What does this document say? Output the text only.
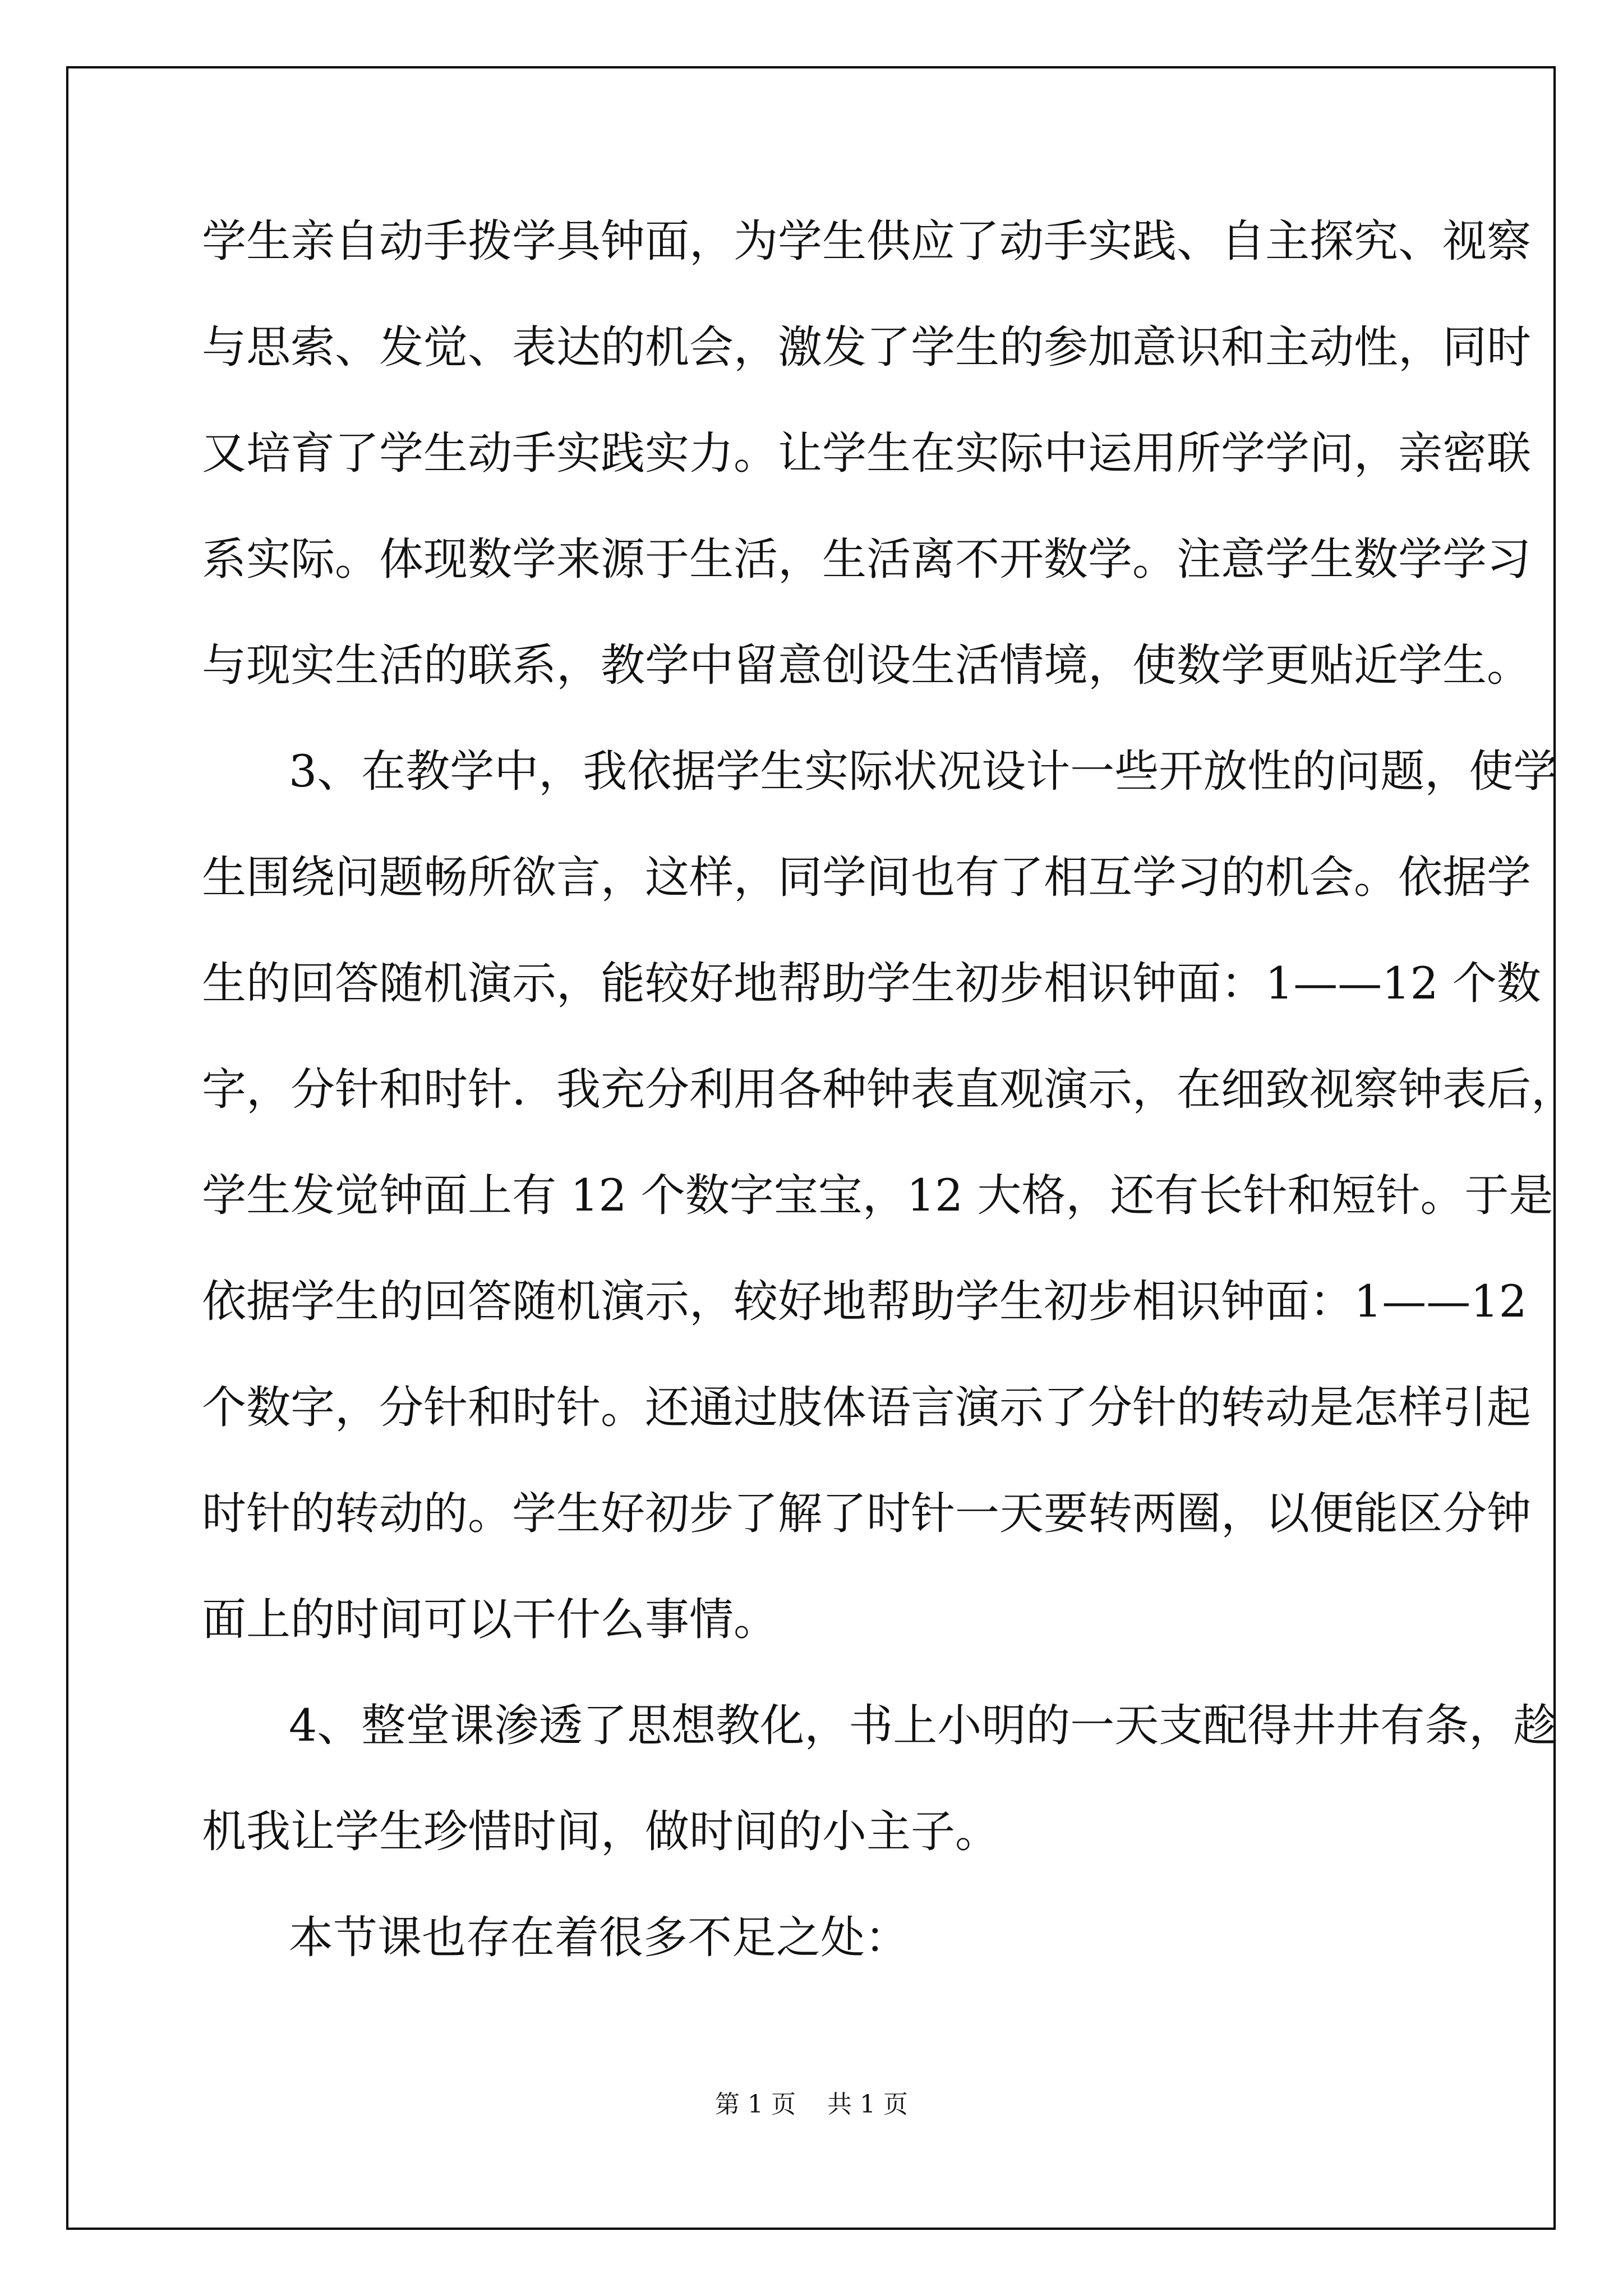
学生亲自动手拨学具钟面，为学生供应了动手实践、自主探究、视察
与思索、发觉、表达的机会，激发了学生的参加意识和主动性，同时
又培育了学生动手实践实力。让学生在实际中运用所学学问，亲密联
系实际。体现数学来源于生活，生活离不开数学。注意学生数学学习
与现实生活的联系，教学中留意创设生活情境，使数学更贴近学生。
3、在教学中，我依据学生实际状况设计一些开放性的问题，使学
生围绕问题畅所欲言，这样，同学间也有了相互学习的机会。依据学
生的回答随机演示，能较好地帮助学生初步相识钟面：1——12 个数
字，分针和时针．我充分利用各种钟表直观演示，在细致视察钟表后，
学生发觉钟面上有 12 个数字宝宝，12 大格，还有长针和短针。于是
依据学生的回答随机演示，较好地帮助学生初步相识钟面：1——12
个数字，分针和时针。还通过肢体语言演示了分针的转动是怎样引起
时针的转动的。学生好初步了解了时针一天要转两圈，以便能区分钟
面上的时间可以干什么事情。
4、整堂课渗透了思想教化，书上小明的一天支配得井井有条，趁
机我让学生珍惜时间，做时间的小主子。
本节课也存在着很多不足之处：
第 1 页    共 1 页
